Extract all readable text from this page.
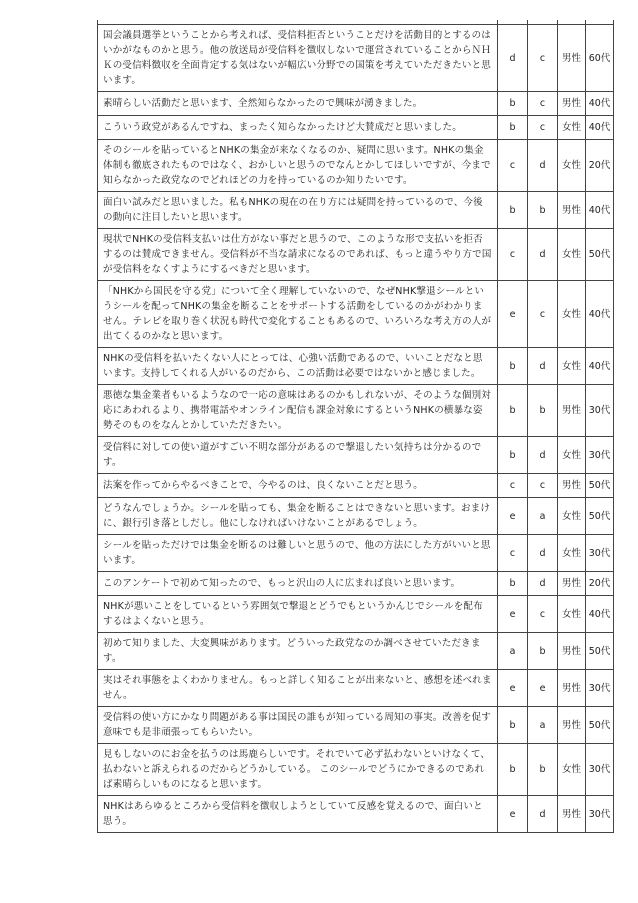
国会議員選挙ということから考えれば、受信料拒否ということだけを活動目的とするのはいかがなものかと思う。他の放送局が受信料を徴収しないで運営されていることからＮＨＫの受信料徴収を全面肯定する気はないが幅広い分野での国策を考えていただきたいと思います。	d	c	男性	60代
素晴らしい活動だと思います、全然知らなかったので興味が湧きました。	b	c	男性	40代
こういう政党があるんですね、まったく知らなかったけど大賛成だと思いました。	b	c	女性	40代
そのシールを貼っているとNHKの集金が来なくなるのか、疑問に思います。NHKの集金体制も徹底されたものではなく、おかしいと思うのでなんとかしてほしいですが、今まで知らなかった政党なのでどれほどの力を持っているのか知りたいです。	c	d	女性	20代
面白い試みだと思いました。私もNHKの現在の在り方には疑問を持っているので、今後の動向に注目したいと思います。	b	b	男性	40代
現状でNHKの受信料支払いは仕方がない事だと思うので、このような形で支払いを拒否するのは賛成できません。受信料が不当な請求になるのであれば、もっと違うやり方で国が受信料をなくすようにするべきだと思います。	c	d	女性	50代
「NHKから国民を守る党」について全く理解していないので、なぜNHK撃退シールというシールを配ってNHKの集金を断ることをサポートする活動をしているのかがわかりません。テレビを取り巻く状況も時代で変化することもあるので、いろいろな考え方の人が出てくるのかなと思います。	e	c	女性	40代
NHKの受信料を払いたくない人にとっては、心強い活動であるので、いいことだなと思います。支持してくれる人がいるのだから、この活動は必要ではないかと感じました。	b	d	女性	40代
悪徳な集金業者もいるようなので一応の意味はあるのかもしれないが、そのような個別対応にあわれるより、携帯電話やオンライン配信も課金対象にするというNHKの横暴な姿勢そのものをなんとかしていただきたい。	b	b	男性	30代
受信料に対しての使い道がすごい不明な部分があるので撃退したい気持ちは分かるのです。	b	d	女性	30代
法案を作ってからやるべきことで、今やるのは、良くないことだと思う。	c	c	男性	50代
どうなんでしょうか。シールを貼っても、集金を断ることはできないと思います。おまけに、銀行引き落としだし。他にしなければいけないことがあるでしょう。	e	a	女性	50代
シールを貼っただけでは集金を断るのは難しいと思うので、他の方法にした方がいいと思います。	c	d	女性	30代
このアンケートで初めて知ったので、もっと沢山の人に広まれば良いと思います。	b	d	男性	20代
NHKが悪いことをしているという雰囲気で撃退とどうでもというかんじでシールを配布するはよくないと思う。	e	c	女性	40代
初めて知りました、大変興味があります。どういった政党なのか調べさせていただきます。	a	b	男性	50代
実はそれ事態をよくわかりません。もっと詳しく知ることが出来ないと、感想を述べれません。	e	e	男性	30代
受信料の使い方にかなり問題がある事は国民の誰もが知っている周知の事実。改善を促す意味でも是非頑張ってもらいたい。	b	a	男性	50代
見もしないのにお金を払うのは馬鹿らしいです。それでいて必ず払わないといけなくて、払わないと訴えられるのだからどうかしている。 このシールでどうにかできるのであれば素晴らしいものになると思います。	b	b	女性	30代
NHKはあらゆるところから受信料を徴収しようとしていて反感を覚えるので、面白いと思う。	e	d	男性	30代
